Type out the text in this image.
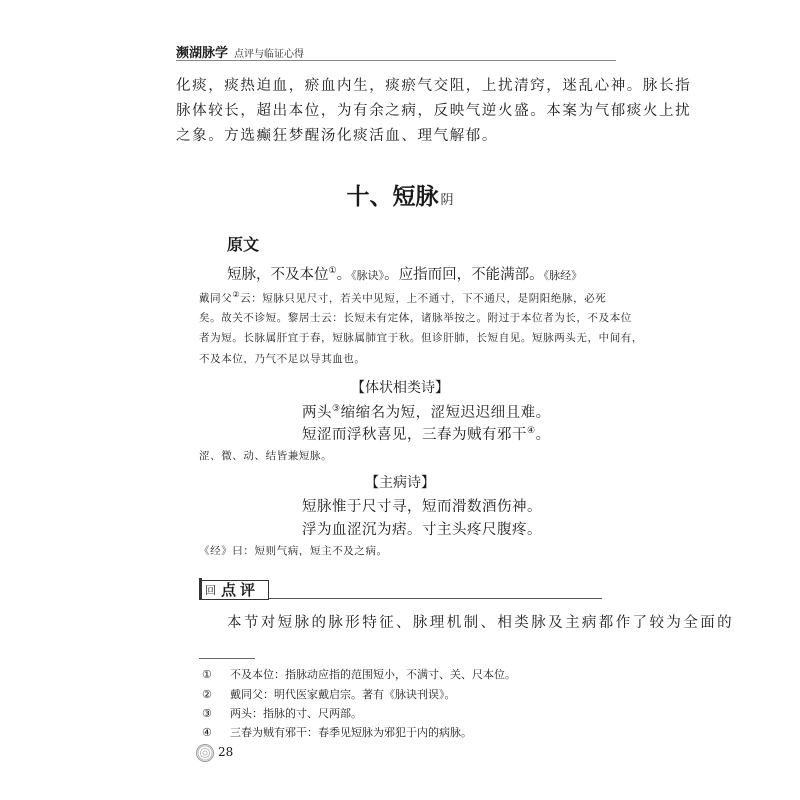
濒湖脉学 点评与临证心得
化痰，痰热迫血，瘀血内生，痰瘀气交阻，上扰清窍，迷乱心神。脉长指
脉体较长，超出本位，为有余之病，反映气逆火盛。本案为气郁痰火上扰
之象。方选癫狂梦醒汤化痰活血、理气解郁。
十、短脉 阴
原文
短脉，不及本位①。《脉诀》。应指而回，不能满部。《脉经》
戴同父②云：短脉只见尺寸，若关中见短，上不通寸，下不通尺，是阴阳绝脉，必死
矣。故关不诊短。黎居士云：长短未有定体，诸脉举按之。附过于本位者为长，不及本位
者为短。长脉属肝宜于春，短脉属肺宜于秋。但诊肝肺，长短自见。短脉两头无，中间有，
不及本位，乃气不足以导其血也。
【体状相类诗】
两头③缩缩名为短，涩短迟迟细且难。
短涩而浮秋喜见，三春为贼有邪干④。
涩、微、动、结皆兼短脉。
【主病诗】
短脉惟于尺寸寻，短而滑数酒伤神。
浮为血涩沉为痞。寸主头疼尺腹疼。
《经》曰：短则气病，短主不及之病。
回 点评
本节对短脉的脉形特征、脉理机制、相类脉及主病都作了较为全面的
① 不及本位：指脉动应指的范围短小，不满寸、关、尺本位。
② 戴同父：明代医家戴启宗。著有《脉诀刊误》。
③ 两头：指脉的寸、尺两部。
④ 三春为贼有邪干：春季见短脉为邪犯于内的病脉。
28
